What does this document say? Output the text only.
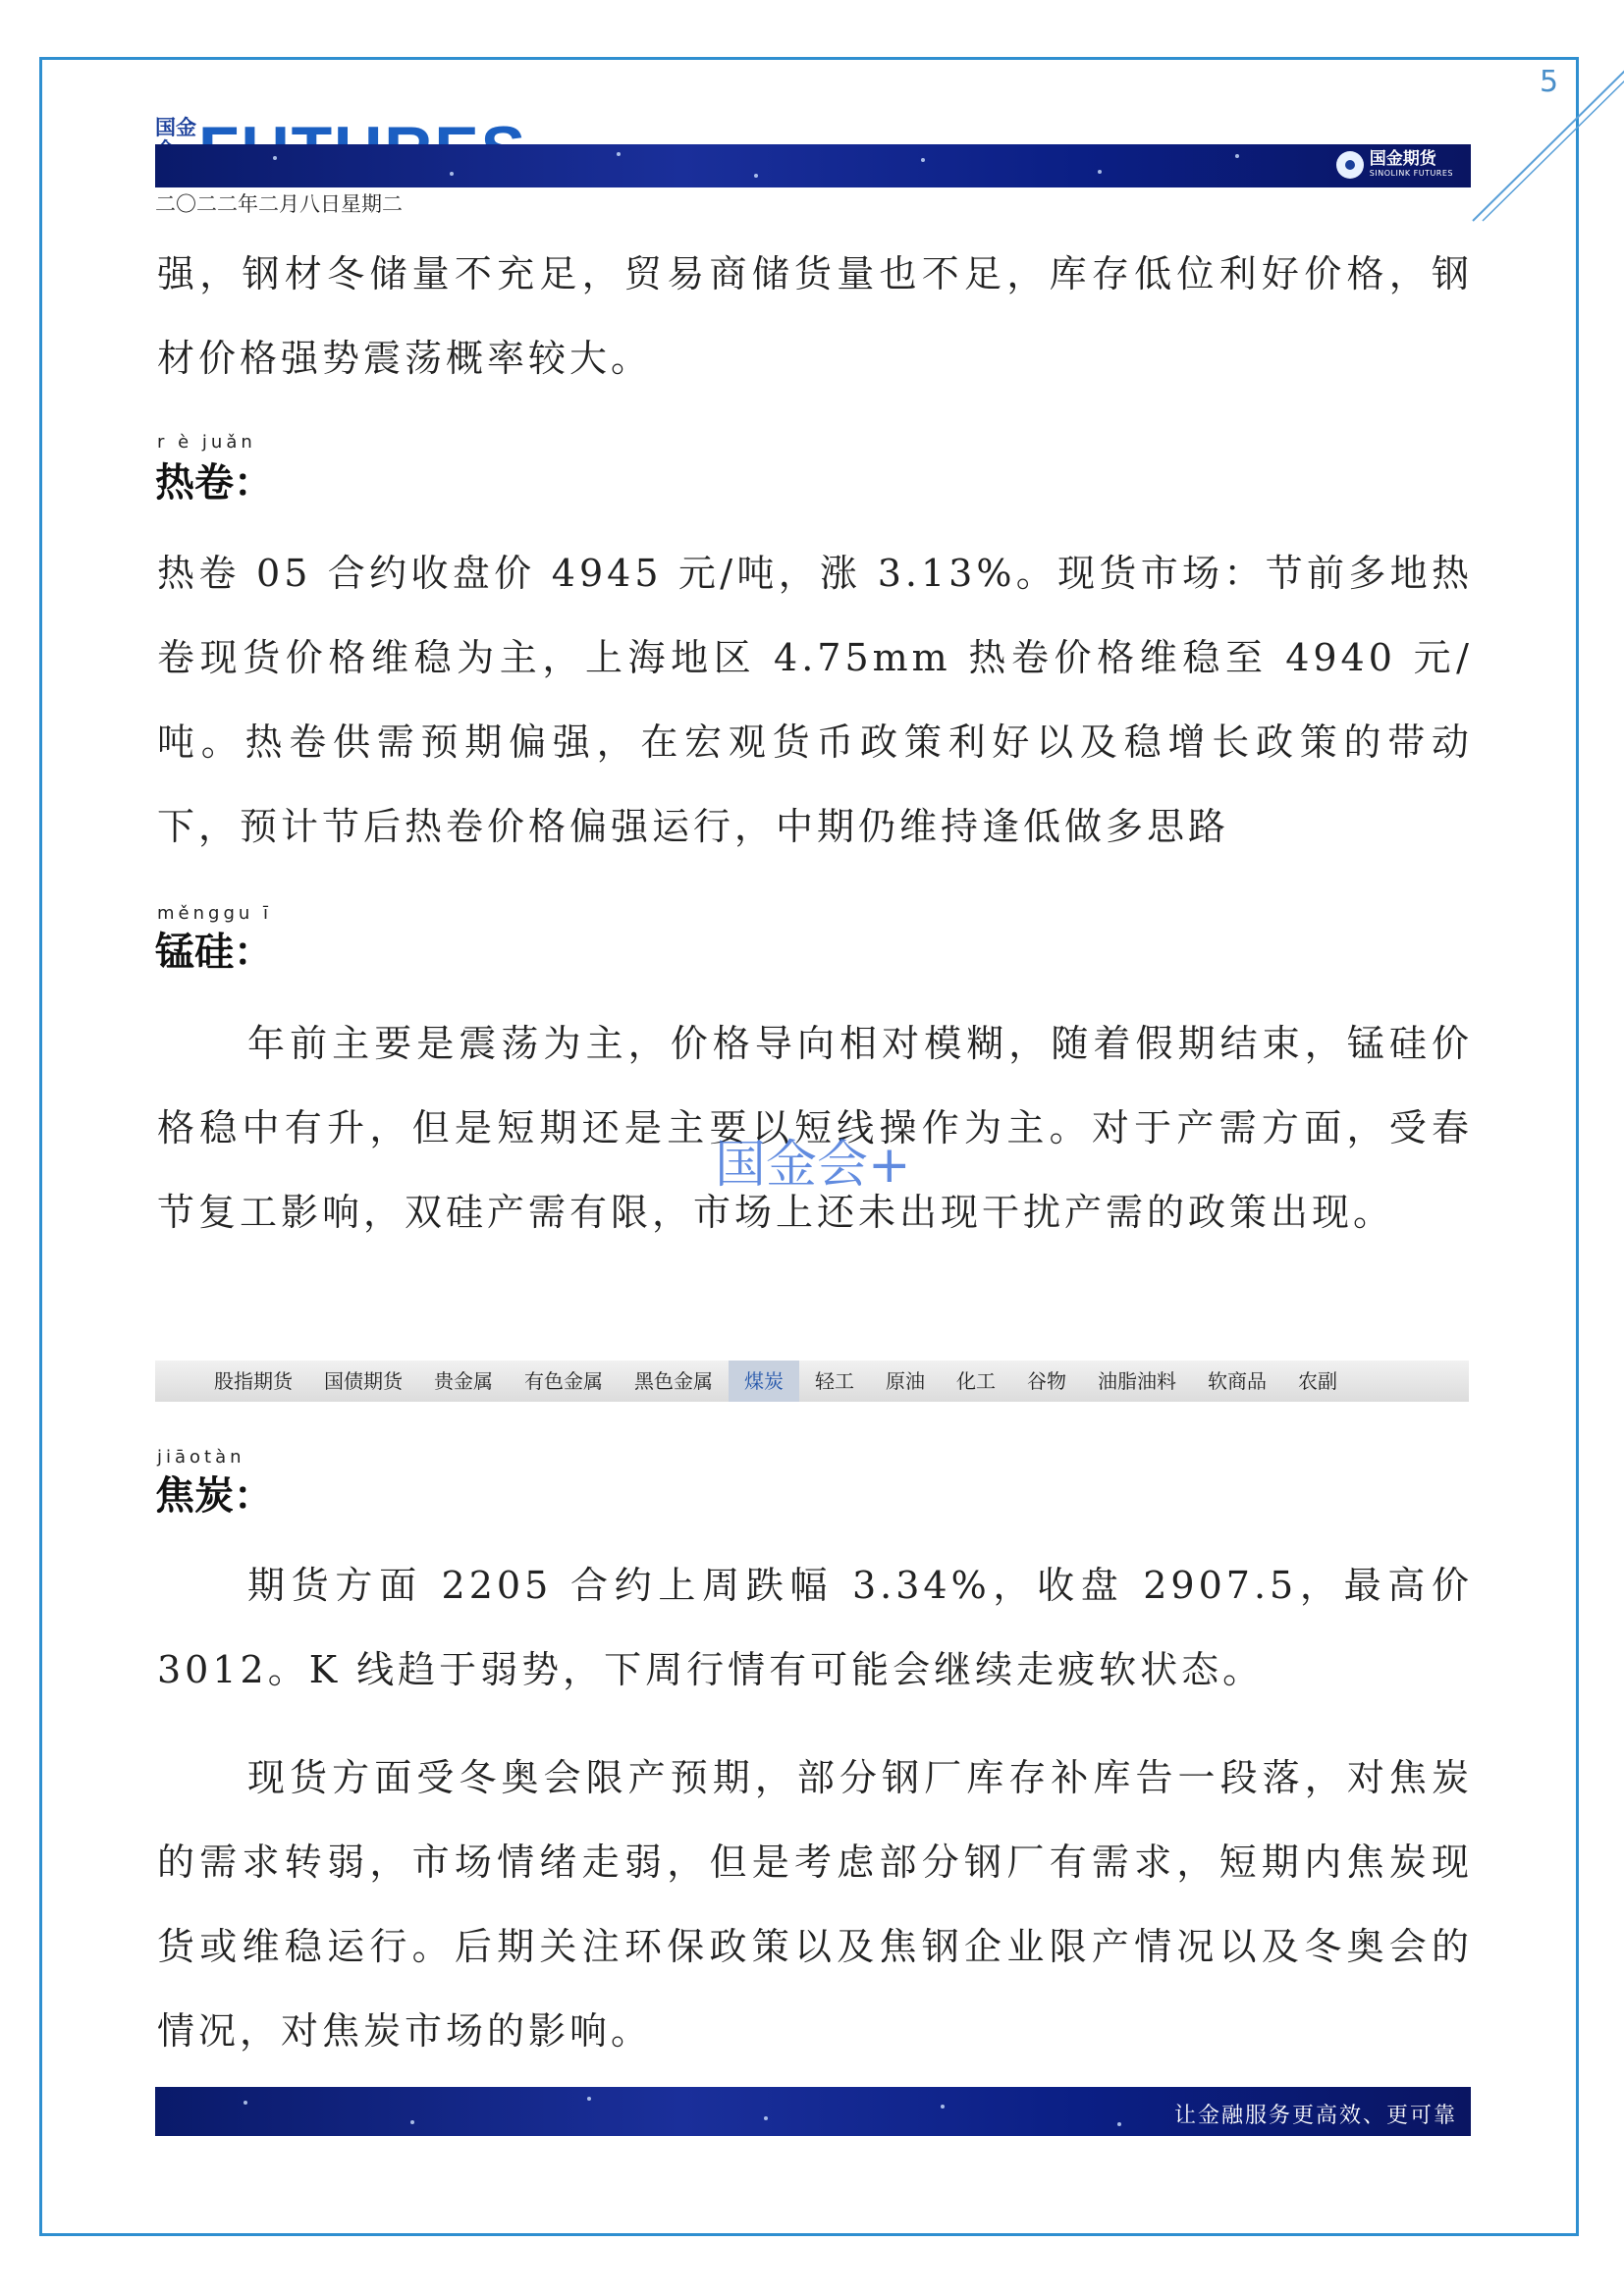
5
国金
国金期货
SINOLINK FUTURES
二〇二二年二月八日星期二
强，钢材冬储量不充足，贸易商储货量也不足，库存低位利好价格，钢材价格强势震荡概率较大。
r è juǎn
热卷：
热卷 05 合约收盘价 4945 元/吨，涨 3.13%。现货市场：节前多地热卷现货价格维稳为主，上海地区 4.75mm 热卷价格维稳至 4940 元/吨。热卷供需预期偏强，在宏观货币政策利好以及稳增长政策的带动下，预计节后热卷价格偏强运行，中期仍维持逢低做多思路
měnggu ī
锰硅：
年前主要是震荡为主，价格导向相对模糊，随着假期结束，锰硅价格稳中有升，但是短期还是主要以短线操作为主。对于产需方面，受春节复工影响，双硅产需有限，市场上还未出现干扰产需的政策出现。
国金会+
股指期货	国债期货	贵金属	有色金属	黑色金属	煤炭	轻工	原油	化工	谷物	油脂油料	软商品	农副
jiāotàn
焦炭：
期货方面 2205 合约上周跌幅 3.34%，收盘 2907.5，最高价 3012。K 线趋于弱势，下周行情有可能会继续走疲软状态。
现货方面受冬奥会限产预期，部分钢厂库存补库告一段落，对焦炭的需求转弱，市场情绪走弱，但是考虑部分钢厂有需求，短期内焦炭现货或维稳运行。后期关注环保政策以及焦钢企业限产情况以及冬奥会的情况，对焦炭市场的影响。
让金融服务更高效、更可靠
